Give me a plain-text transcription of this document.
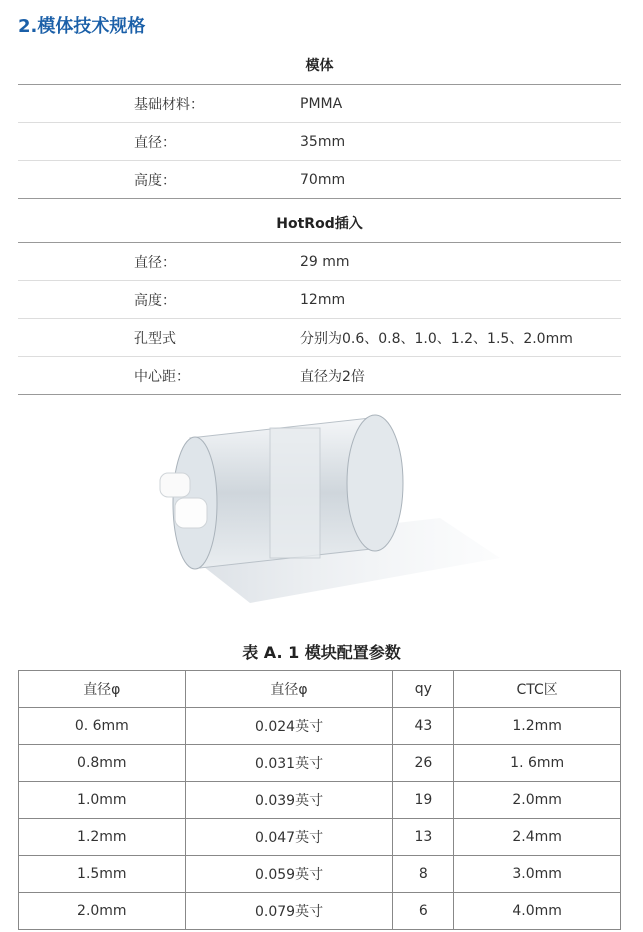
2.模体技术规格
模体	
基础材料：	PMMA
直径：	35mm
高度：	70mm
HotRod插入	
直径：	29 mm
高度：	12mm
孔型式	分别为0.6、0.8、1.0、1.2、1.5、2.0mm
中心距：	直径为2倍
表 A. 1 模块配置参数
直径φ	直径φ	qy	CTC区
0. 6mm	0.024英寸	43	1.2mm
0.8mm	0.031英寸	26	1. 6mm
1.0mm	0.039英寸	19	2.0mm
1.2mm	0.047英寸	13	2.4mm
1.5mm	0.059英寸	8	3.0mm
2.0mm	0.079英寸	6	4.0mm
